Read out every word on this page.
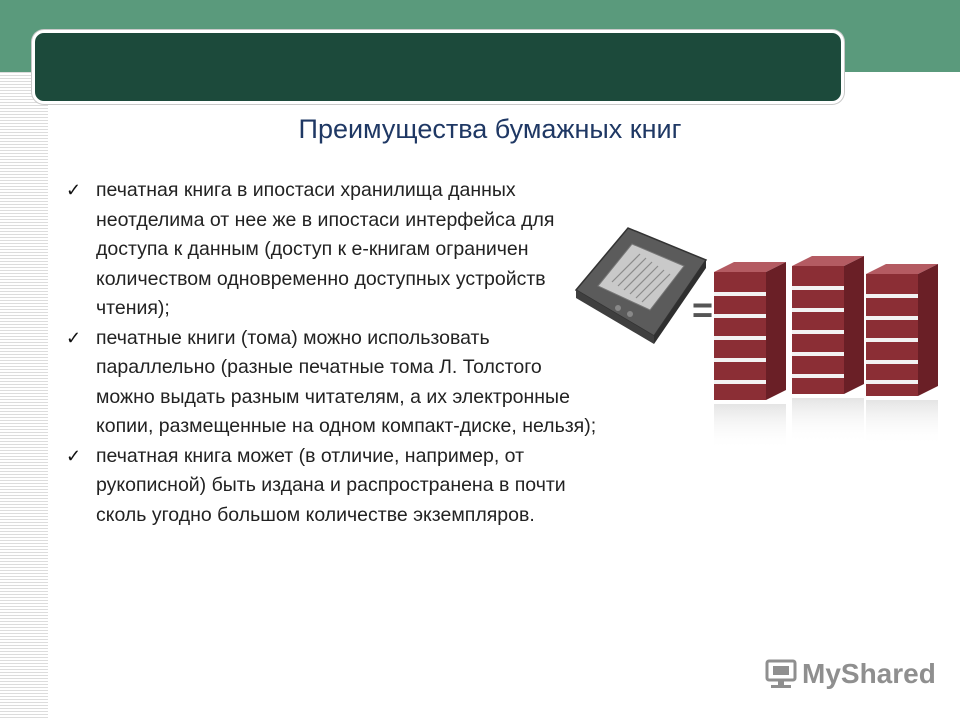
Преимущества бумажных книг
✓ печатная книга в ипостаси хранилища данных неотделима от нее же в ипостаси интерфейса для доступа к данным (доступ к е-книгам ограничен количеством одновременно доступных устройств чтения);
✓ печатные книги (тома) можно использовать параллельно (разные печатные тома Л. Толстого можно выдать разным читателям, а их электронные копии, размещенные на одном компакт-диске, нельзя);
✓ печатная книга может (в отличие, например, от рукописной) быть издана и распространена в почти сколь угодно большом количестве экземпляров.
=
MyShared
